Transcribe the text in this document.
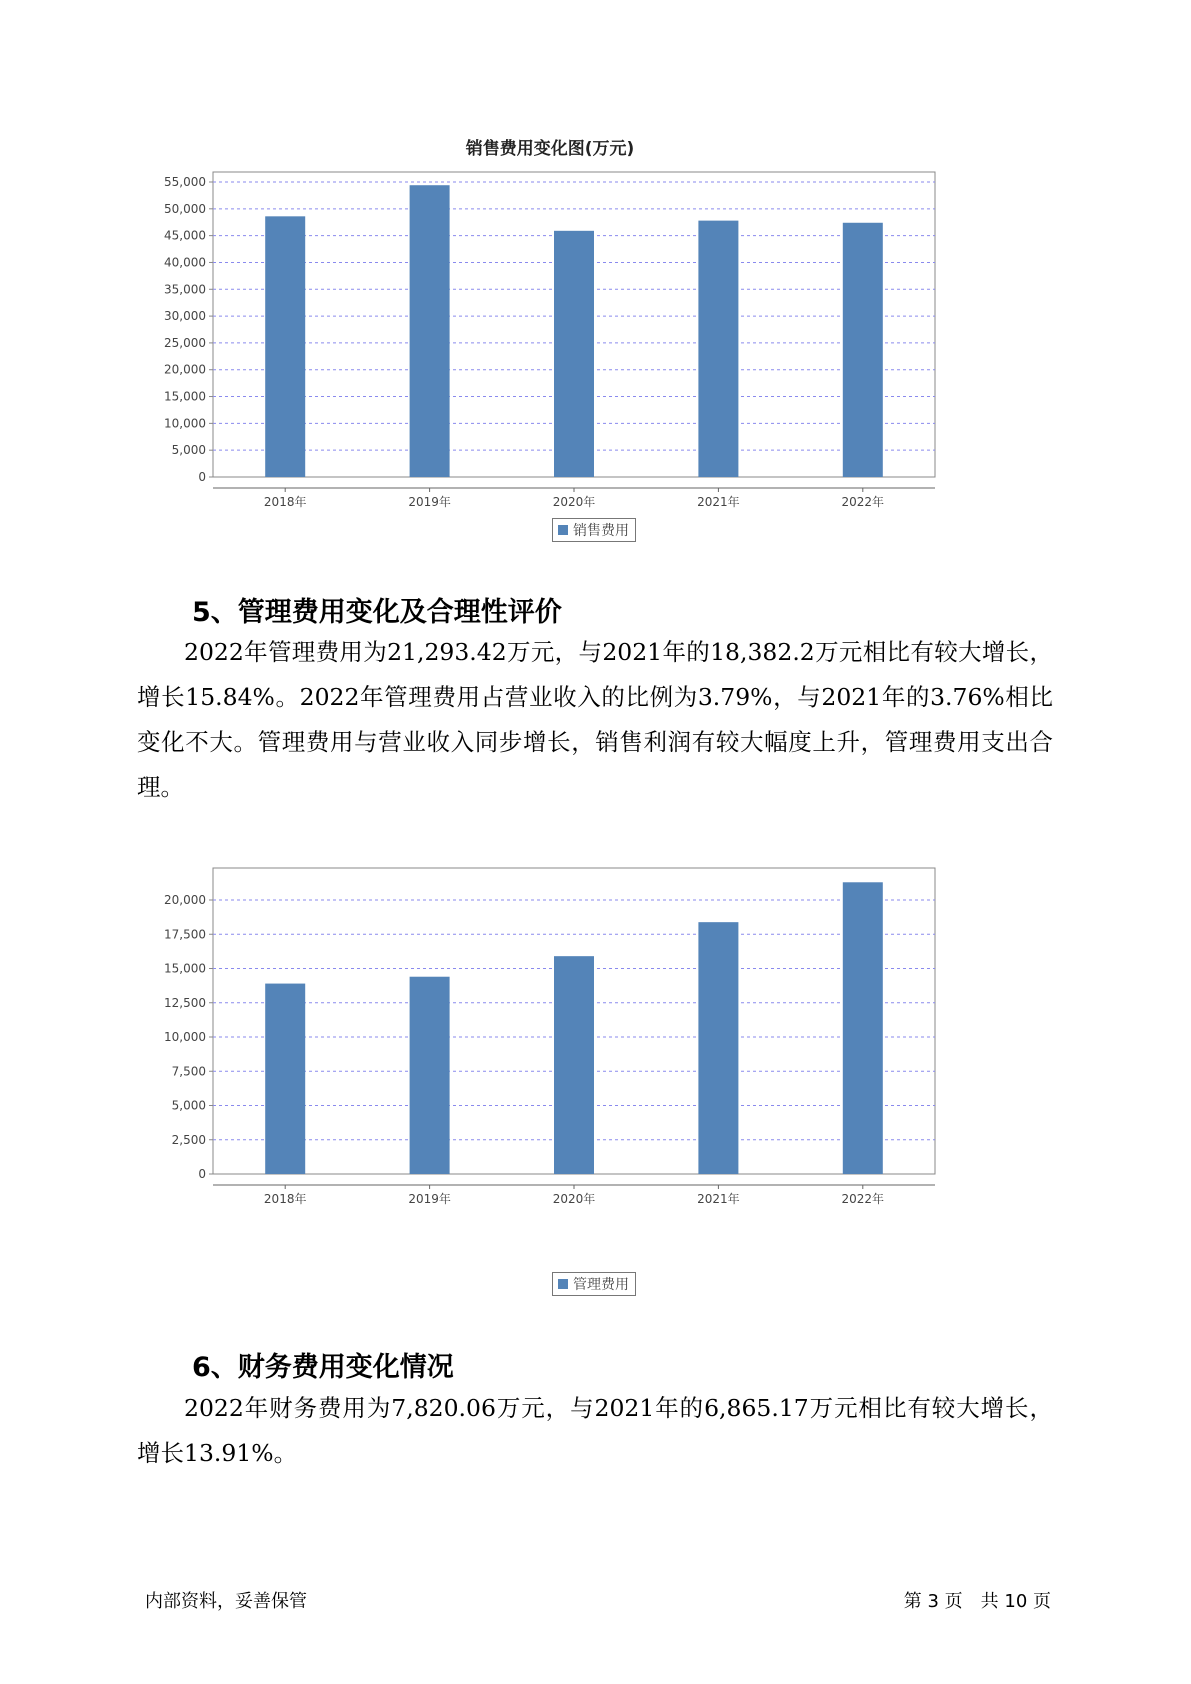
销售费用变化图(万元)
0
5,000
10,000
15,000
20,000
25,000
30,000
35,000
40,000
45,000
50,000
55,000
2018年	2019年	2020年	2021年	2022年
销售费用
5、管理费用变化及合理性评价

2022年管理费用为21,293.42万元，与2021年的18,382.2万元相比有较大增长，增长15.84%。2022年管理费用占营业收入的比例为3.79%，与2021年的3.76%相比变化不大。管理费用与营业收入同步增长，销售利润有较大幅度上升，管理费用支出合理。

0
2,500
5,000
7,500
10,000
12,500
15,000
17,500
20,000
2018年	2019年	2020年	2021年	2022年
管理费用
6、财务费用变化情况

2022年财务费用为7,820.06万元，与2021年的6,865.17万元相比有较大增长，增长13.91%。

内部资料，妥善保管	第 3 页　共 10 页
